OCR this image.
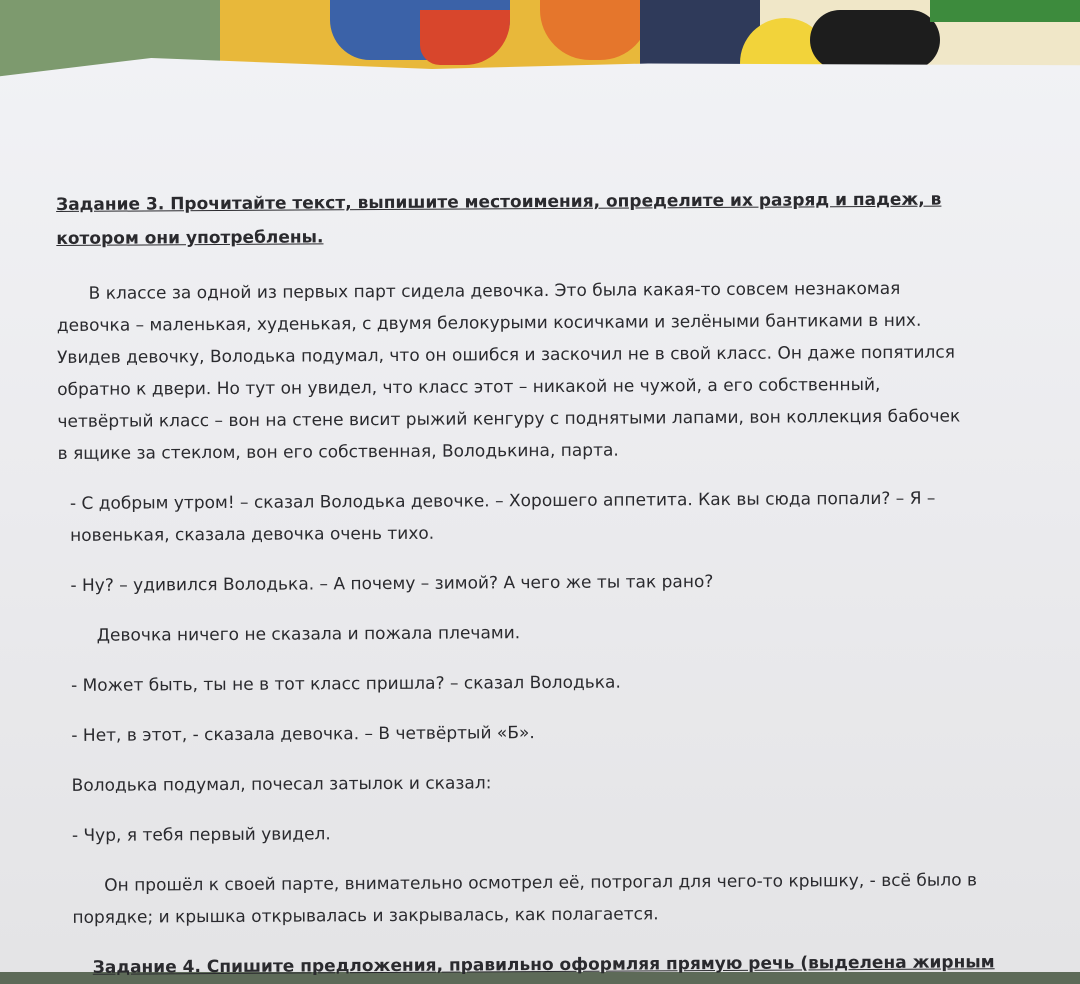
Задание 3. Прочитайте текст, выпишите местоимения, определите их разряд и падеж, в
котором они употреблены.
В классе за одной из первых парт сидела девочка. Это была какая-то совсем незнакомая
девочка – маленькая, худенькая, с двумя белокурыми косичками и зелёными бантиками в них.
Увидев девочку, Володька подумал, что он ошибся и заскочил не в свой класс. Он даже попятился
обратно к двери. Но тут он увидел, что класс этот – никакой не чужой, а его собственный,
четвёртый класс – вон на стене висит рыжий кенгуру с поднятыми лапами, вон коллекция бабочек
в ящике за стеклом, вон его собственная, Володькина, парта.
- С добрым утром! – сказал Володька девочке. – Хорошего аппетита. Как вы сюда попали? – Я –
новенькая, сказала девочка очень тихо.
- Ну? – удивился Володька. – А почему – зимой? А чего же ты так рано?
Девочка ничего не сказала и пожала плечами.
- Может быть, ты не в тот класс пришла? – сказал Володька.
- Нет, в этот, - сказала девочка. – В четвёртый «Б».
Володька подумал, почесал затылок и сказал:
- Чур, я тебя первый увидел.
Он прошёл к своей парте, внимательно осмотрел её, потрогал для чего-то крышку, - всё было в
порядке; и крышка открывалась и закрывалась, как полагается.
Задание 4. Спишите предложения, правильно оформляя прямую речь (выделена жирным
